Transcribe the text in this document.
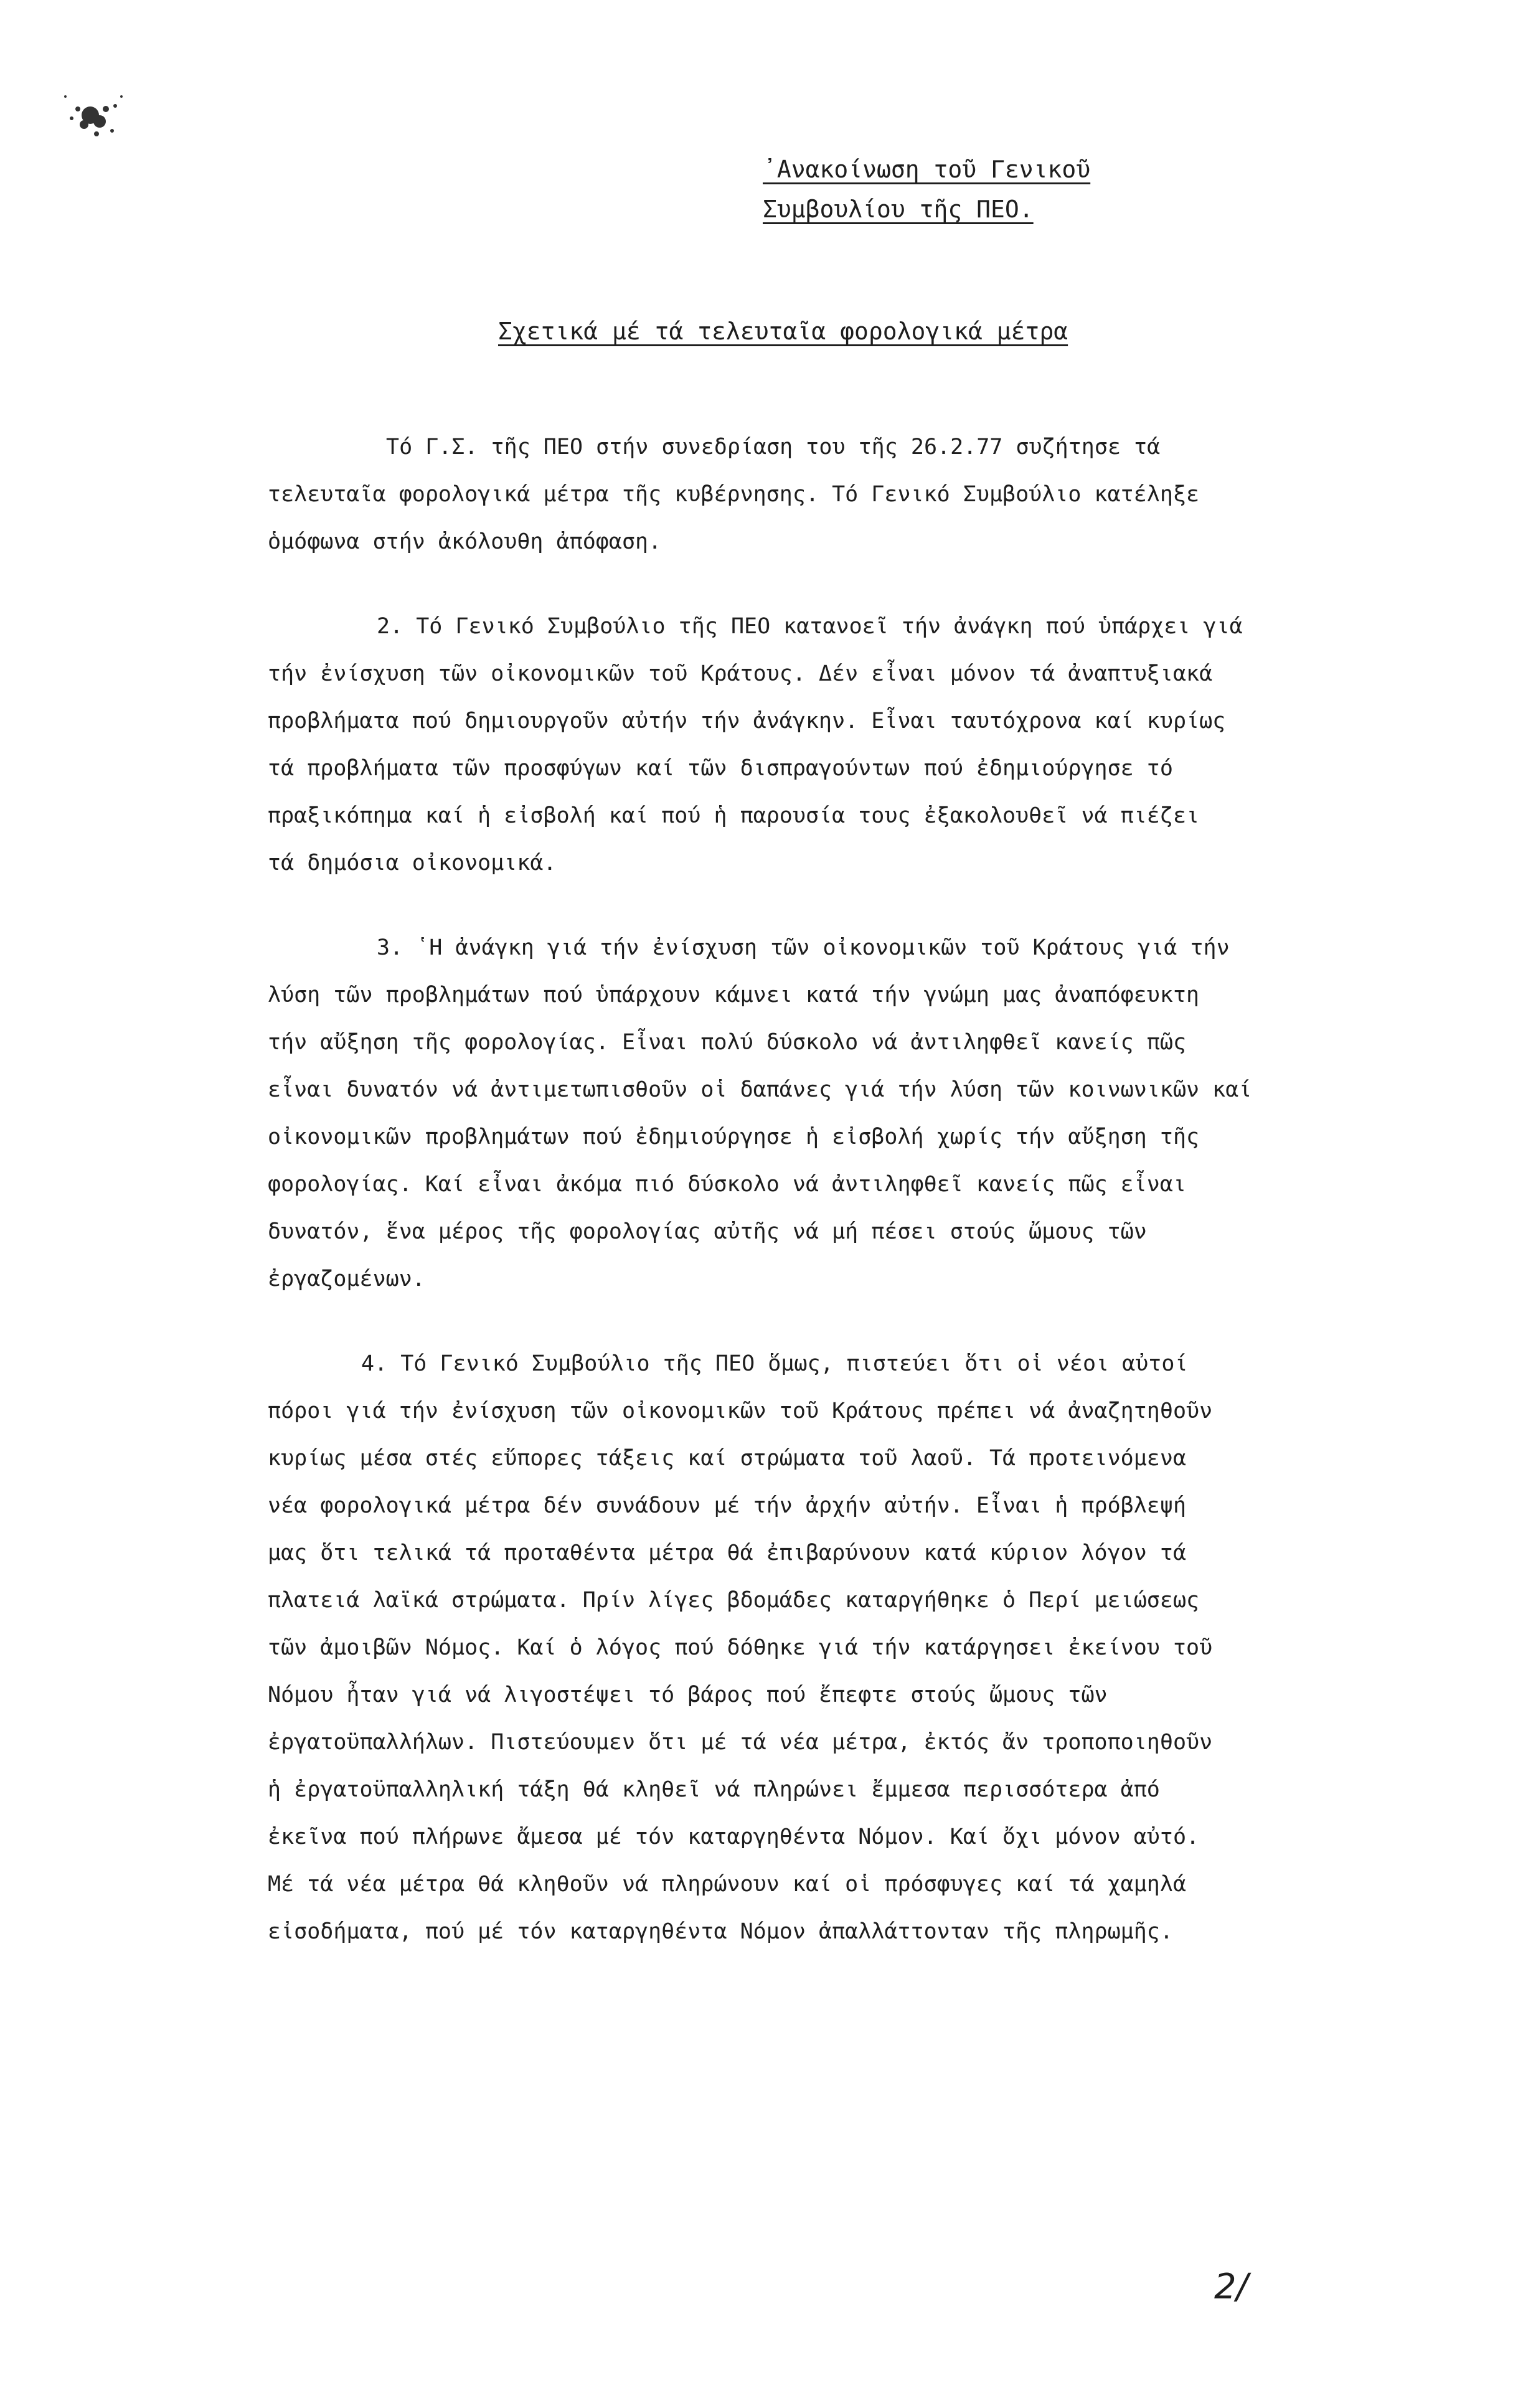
᾽Ανακοίνωση τοῦ Γενικοῦ
Συμβουλίου τῆς ΠΕΟ.
Σχετικά μέ τά τελευταῖα φορολογικά μέτρα
Τό Γ.Σ. τῆς ΠΕΟ στήν συνεδρίαση του τῆς 26.2.77 συζήτησε τά
τελευταῖα φορολογικά μέτρα τῆς κυβέρνησης. Τό Γενικό Συμβούλιο κατέληξε
ὁμόφωνα στήν ἀκόλουθη ἀπόφαση.
2. Τό Γενικό Συμβούλιο τῆς ΠΕΟ κατανοεῖ τήν ἀνάγκη πού ὑπάρχει γιά
τήν ἐνίσχυση τῶν οἰκονομικῶν τοῦ Κράτους. Δέν εἶναι μόνον τά ἀναπτυξιακά
προβλήματα πού δημιουργοῦν αὐτήν τήν ἀνάγκην. Εἶναι ταυτόχρονα καί κυρίως
τά προβλήματα τῶν προσφύγων καί τῶν δισπραγούντων πού ἐδημιούργησε τό
πραξικόπημα καί ἡ εἰσβολή καί πού ἡ παρουσία τους ἐξακολουθεῖ νά πιέζει
τά δημόσια οἰκονομικά.
3. ῾Η ἀνάγκη γιά τήν ἐνίσχυση τῶν οἰκονομικῶν τοῦ Κράτους γιά τήν
λύση τῶν προβλημάτων πού ὑπάρχουν κάμνει κατά τήν γνώμη μας ἀναπόφευκτη
τήν αὔξηση τῆς φορολογίας. Εἶναι πολύ δύσκολο νά ἀντιληφθεῖ κανείς πῶς
εἶναι δυνατόν νά ἀντιμετωπισθοῦν οἱ δαπάνες γιά τήν λύση τῶν κοινωνικῶν καί
οἰκονομικῶν προβλημάτων πού ἐδημιούργησε ἡ εἰσβολή χωρίς τήν αὔξηση τῆς
φορολογίας. Καί εἶναι ἀκόμα πιό δύσκολο νά ἀντιληφθεῖ κανείς πῶς εἶναι
δυνατόν, ἕνα μέρος τῆς φορολογίας αὐτῆς νά μή πέσει στούς ὤμους τῶν
ἐργαζομένων.
4. Τό Γενικό Συμβούλιο τῆς ΠΕΟ ὅμως, πιστεύει ὅτι οἱ νέοι αὐτοί
πόροι γιά τήν ἐνίσχυση τῶν οἰκονομικῶν τοῦ Κράτους πρέπει νά ἀναζητηθοῦν
κυρίως μέσα στές εὔπορες τάξεις καί στρώματα τοῦ λαοῦ. Τά προτεινόμενα
νέα φορολογικά μέτρα δέν συνάδουν μέ τήν ἀρχήν αὐτήν. Εἶναι ἡ πρόβλεψή
μας ὅτι τελικά τά προταθέντα μέτρα θά ἐπιβαρύνουν κατά κύριον λόγον τά
πλατειά λαϊκά στρώματα. Πρίν λίγες βδομάδες καταργήθηκε ὁ Περί μειώσεως
τῶν ἀμοιβῶν Νόμος. Καί ὁ λόγος πού δόθηκε γιά τήν κατάργησει ἐκείνου τοῦ
Νόμου ἦταν γιά νά λιγοστέψει τό βάρος πού ἔπεφτε στούς ὤμους τῶν
ἐργατοϋπαλλήλων. Πιστεύουμεν ὅτι μέ τά νέα μέτρα, ἐκτός ἄν τροποποιηθοῦν
ἡ ἐργατοϋπαλληλική τάξη θά κληθεῖ νά πληρώνει ἔμμεσα περισσότερα ἀπό
ἐκεῖνα πού πλήρωνε ἄμεσα μέ τόν καταργηθέντα Νόμον. Καί ὄχι μόνον αὐτό.
Μέ τά νέα μέτρα θά κληθοῦν νά πληρώνουν καί οἱ πρόσφυγες καί τά χαμηλά
εἰσοδήματα, πού μέ τόν καταργηθέντα Νόμον ἀπαλλάττονταν τῆς πληρωμῆς.
2/
